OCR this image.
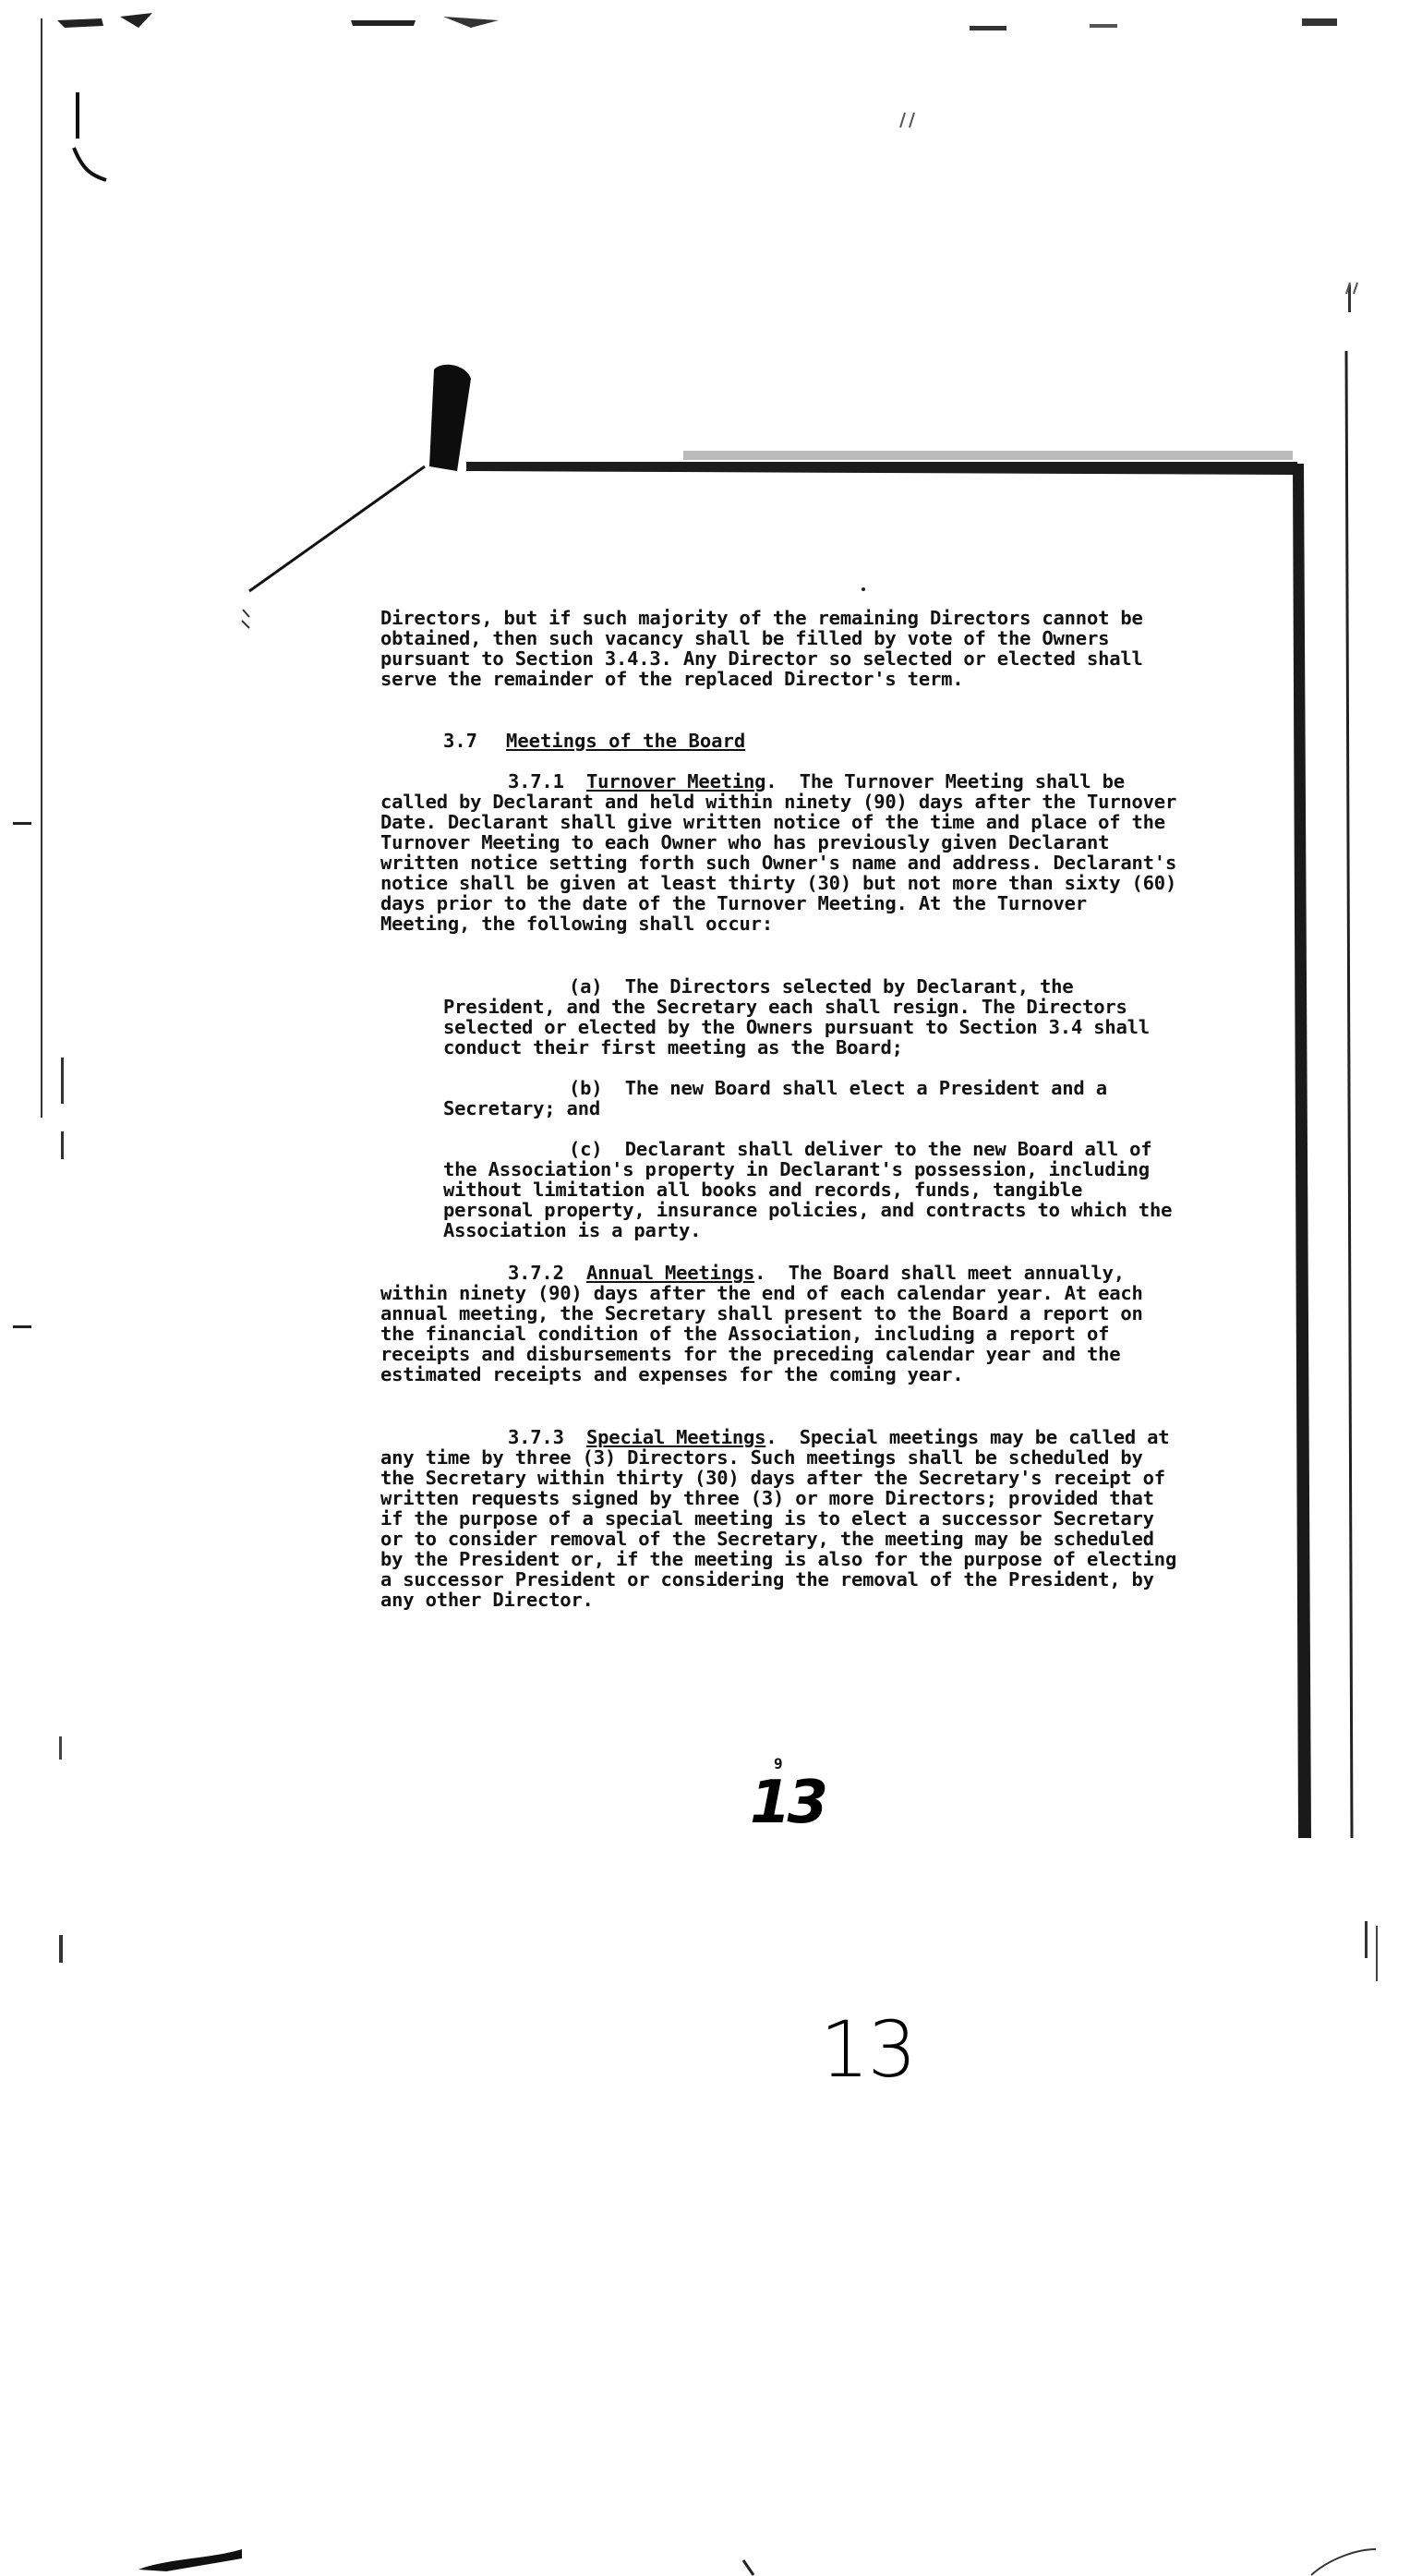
Directors, but if such majority of the remaining Directors cannot be obtained, then such vacancy shall be filled by vote of the Owners pursuant to Section 3.4.3. Any Director so selected or elected shall serve the remainder of the replaced Director's term.
3.7 Meetings of the Board
3.7.1 Turnover Meeting.  The Turnover Meeting shall be called by Declarant and held within ninety (90) days after the Turnover Date. Declarant shall give written notice of the time and place of the Turnover Meeting to each Owner who has previously given Declarant written notice setting forth such Owner's name and address. Declarant's notice shall be given at least thirty (30) but not more than sixty (60) days prior to the date of the Turnover Meeting. At the Turnover Meeting, the following shall occur:
(a) The Directors selected by Declarant, the President, and the Secretary each shall resign. The Directors selected or elected by the Owners pursuant to Section 3.4 shall conduct their first meeting as the Board;
(b) The new Board shall elect a President and a Secretary; and
(c) Declarant shall deliver to the new Board all of the Association's property in Declarant's possession, including without limitation all books and records, funds, tangible personal property, insurance policies, and contracts to which the Association is a party.
3.7.2 Annual Meetings.  The Board shall meet annually, within ninety (90) days after the end of each calendar year. At each annual meeting, the Secretary shall present to the Board a report on the financial condition of the Association, including a report of receipts and disbursements for the preceding calendar year and the estimated receipts and expenses for the coming year.
3.7.3 Special Meetings.  Special meetings may be called at any time by three (3) Directors. Such meetings shall be scheduled by the Secretary within thirty (30) days after the Secretary's receipt of written requests signed by three (3) or more Directors; provided that if the purpose of a special meeting is to elect a successor Secretary or to consider removal of the Secretary, the meeting may be scheduled by the President or, if the meeting is also for the purpose of electing a successor President or considering the removal of the President, by any other Director.
9
13
13
